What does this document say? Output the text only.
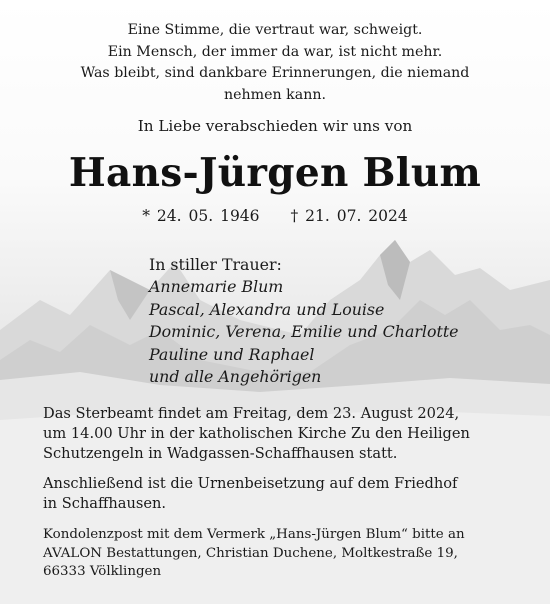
Eine Stimme, die vertraut war, schweigt.
Ein Mensch, der immer da war, ist nicht mehr.
Was bleibt, sind dankbare Erinnerungen, die niemand
nehmen kann.
In Liebe verabschieden wir uns von
Hans-Jürgen Blum
* 24. 05. 1946 † 21. 07. 2024
In stiller Trauer:
Annemarie Blum
Pascal, Alexandra und Louise
Dominic, Verena, Emilie und Charlotte
Pauline und Raphael
und alle Angehörigen
Das Sterbeamt findet am Freitag, dem 23. August 2024,
um 14.00 Uhr in der katholischen Kirche Zu den Heiligen
Schutzengeln in Wadgassen-Schaffhausen statt.
Anschließend ist die Urnenbeisetzung auf dem Friedhof
in Schaffhausen.
Kondolenzpost mit dem Vermerk „Hans-Jürgen Blum“ bitte an
AVALON Bestattungen, Christian Duchene, Moltkestraße 19,
66333 Völklingen
